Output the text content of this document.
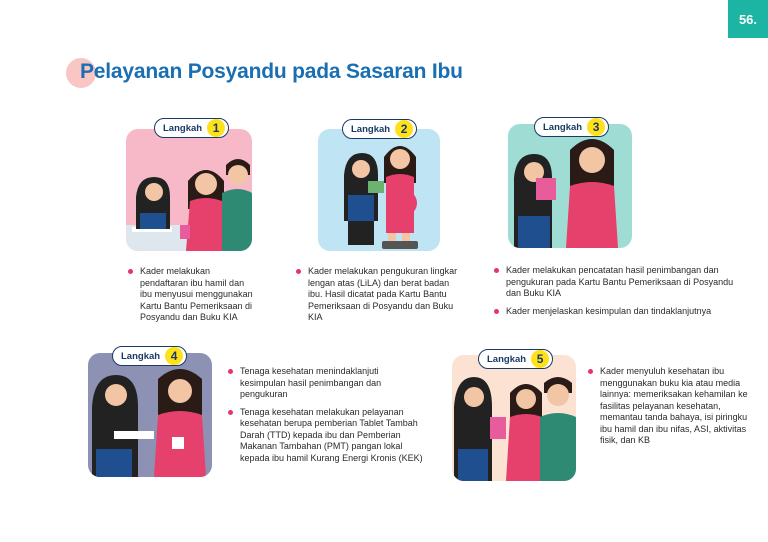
56.
Pelayanan Posyandu pada Sasaran Ibu
Langkah 1
Kader melakukan pendaftaran ibu hamil dan ibu menyusui menggunakan Kartu Bantu Pemeriksaan di Posyandu dan Buku KIA
Langkah 2
Kader melakukan pengukuran lingkar lengan atas (LiLA) dan berat badan ibu. Hasil dicatat pada Kartu Bantu Pemeriksaan di Posyandu dan Buku KIA
Langkah 3
Kader melakukan pencatatan hasil penimbangan dan pengukuran pada Kartu Bantu Pemeriksaan di Posyandu dan Buku KIA
Kader menjelaskan kesimpulan dan tindaklanjutnya
Langkah 4
Tenaga kesehatan menindaklanjuti kesimpulan hasil penimbangan dan pengukuran
Tenaga kesehatan melakukan pelayanan kesehatan berupa pemberian Tablet Tambah Darah (TTD) kepada ibu dan Pemberian Makanan Tambahan (PMT) pangan lokal kepada ibu hamil Kurang Energi Kronis (KEK)
Langkah 5
Kader menyuluh kesehatan ibu menggunakan buku kia atau media lainnya: memeriksakan kehamilan ke fasilitas pelayanan kesehatan, memantau tanda bahaya, isi piringku ibu hamil dan ibu nifas, ASI, aktivitas fisik, dan KB
